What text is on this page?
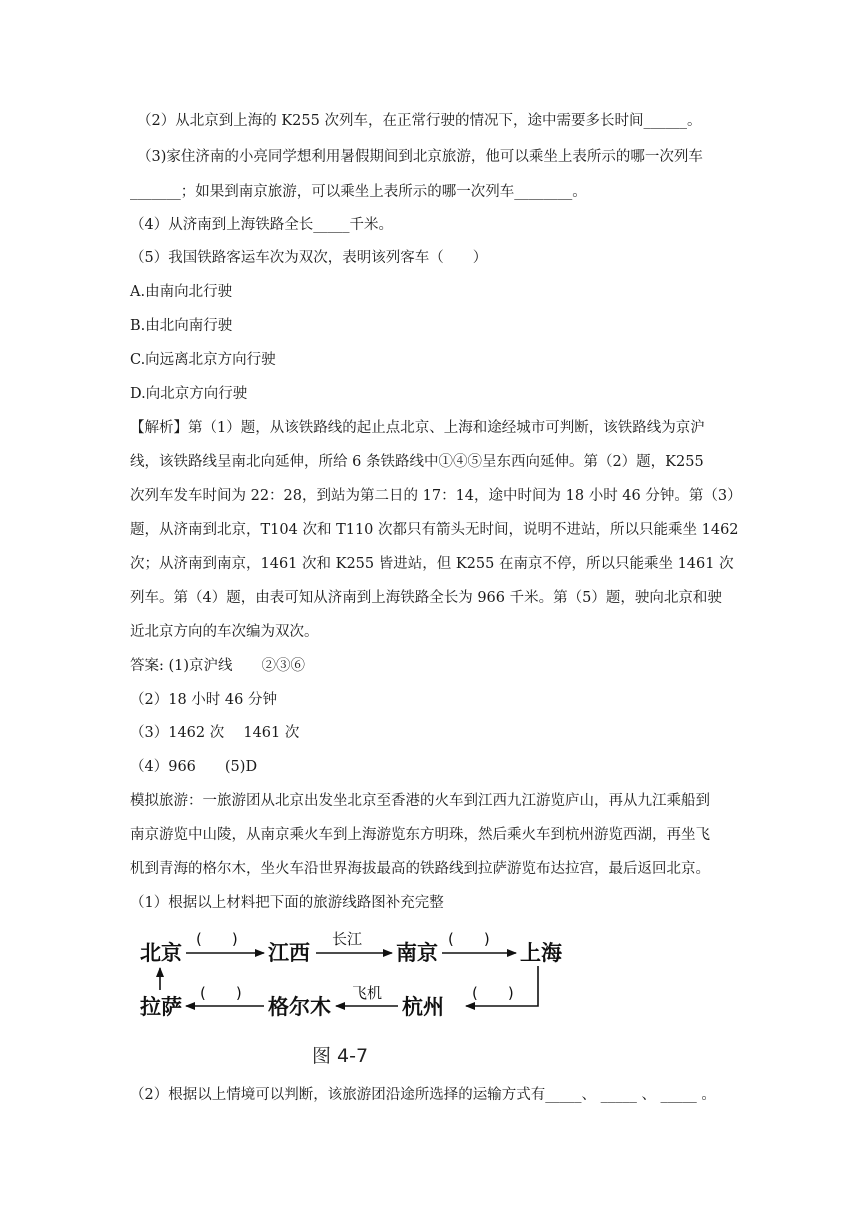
（2）从北京到上海的 K255 次列车，在正常行驶的情况下，途中需要多长时间______。
（3)家住济南的小亮同学想利用暑假期间到北京旅游，他可以乘坐上表所示的哪一次列车
_______；如果到南京旅游，可以乘坐上表所示的哪一次列车________。
（4）从济南到上海铁路全长_____千米。
（5）我国铁路客运车次为双次，表明该列客车（　　）
A.由南向北行驶
B.由北向南行驶
C.向远离北京方向行驶
D.向北京方向行驶
【解析】第（1）题，从该铁路线的起止点北京、上海和途经城市可判断，该铁路线为京沪
线，该铁路线呈南北向延伸，所给 6 条铁路线中①④⑤呈东西向延伸。第（2）题，K255
次列车发车时间为 22：28，到站为第二日的 17：14，途中时间为 18 小时 46 分钟。第（3）
题，从济南到北京，T104 次和 T110 次都只有箭头无时间，说明不进站，所以只能乘坐 1462
次；从济南到南京，1461 次和 K255 皆进站，但 K255 在南京不停，所以只能乘坐 1461 次
列车。第（4）题，由表可知从济南到上海铁路全长为 966 千米。第（5）题，驶向北京和驶
近北京方向的车次编为双次。
答案: (1)京沪线　　②③⑥
（2）18 小时 46 分钟
（3）1462 次　 1461 次
（4）966　　(5)D
模拟旅游：一旅游团从北京出发坐北京至香港的火车到江西九江游览庐山，再从九江乘船到
南京游览中山陵，从南京乘火车到上海游览东方明珠，然后乘火车到杭州游览西湖，再坐飞
机到青海的格尔木，坐火车沿世界海拔最高的铁路线到拉萨游览布达拉宫，最后返回北京。
（1）根据以上材料把下面的旅游线路图补充完整
（2）根据以上情境可以判断，该旅游团沿途所选择的运输方式有_____、 _____ 、 _____ 。
北京
(　　)
江西
长江
南京
(　　)
上海
(　　)
杭州
飞机
格尔木
(　　)
拉萨
图 4-7
